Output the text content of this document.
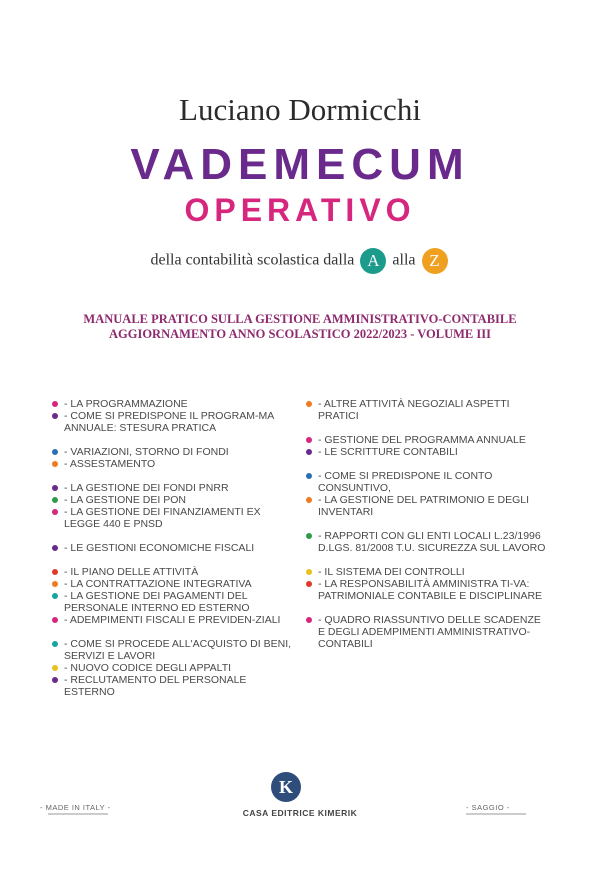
Luciano Dormicchi
VADEMECUM
OPERATIVO
della contabilità scolastica dalla A alla Z
MANUALE PRATICO SULLA GESTIONE AMMINISTRATIVO-CONTABILE
AGGIORNAMENTO ANNO SCOLASTICO 2022/2023 - VOLUME III
- LA PROGRAMMAZIONE
- COME SI PREDISPONE IL PROGRAM-MA ANNUALE: STESURA PRATICA
- VARIAZIONI, STORNO DI FONDI
- ASSESTAMENTO
- LA GESTIONE DEI FONDI PNRR
- LA GESTIONE DEI PON
- LA GESTIONE DEI FINANZIAMENTI EX LEGGE 440 E PNSD
- LE GESTIONI ECONOMICHE FISCALI
- IL PIANO DELLE ATTIVITÀ
- LA CONTRATTAZIONE INTEGRATIVA
- LA GESTIONE DEI PAGAMENTI DEL PERSONALE INTERNO ED ESTERNO
- ADEMPIMENTI FISCALI E PREVIDEN-ZIALI
- COME SI PROCEDE ALL'ACQUISTO DI BENI, SERVIZI E LAVORI
- NUOVO CODICE DEGLI APPALTI
- RECLUTAMENTO DEL PERSONALE ESTERNO
- ALTRE ATTIVITÀ NEGOZIALI ASPETTI PRATICI
- GESTIONE DEL PROGRAMMA ANNUALE
- LE SCRITTURE CONTABILI
- COME SI PREDISPONE IL CONTO CONSUNTIVO,
- LA GESTIONE DEL PATRIMONIO E DEGLI INVENTARI
- RAPPORTI CON GLI ENTI LOCALI L.23/1996 D.LGS. 81/2008 T.U. SICUREZZA SUL LAVORO
- IL SISTEMA DEI CONTROLLI
- LA RESPONSABILITÀ AMMINISTRA TI-VA: PATRIMONIALE CONTABILE E DISCIPLINARE
- QUADRO RIASSUNTIVO DELLE SCADENZE E DEGLI ADEMPIMENTI AMMINISTRATIVO-CONTABILI
- MADE IN ITALY -
K
CASA EDITRICE KIMERIK
- SAGGIO -
